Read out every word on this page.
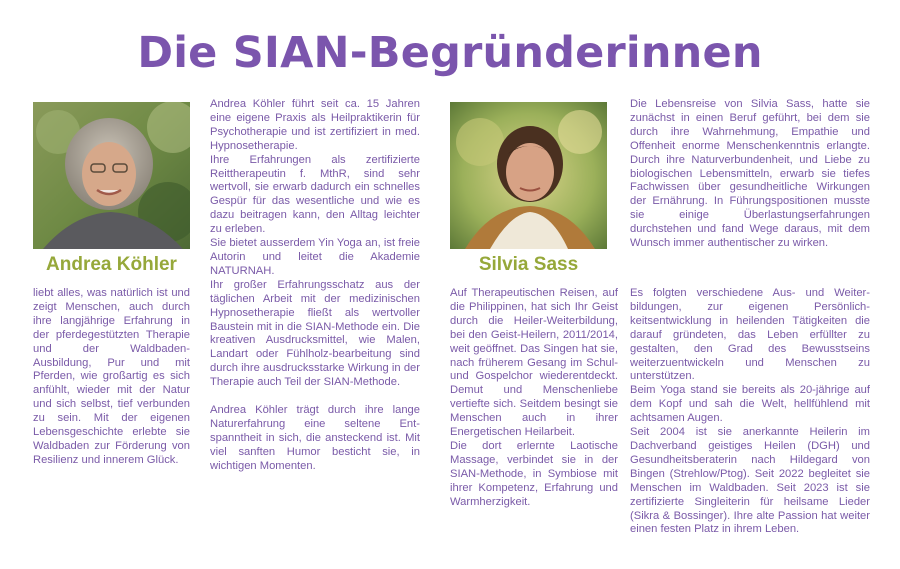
Die SIAN-Begründerinnen
Andrea Köhler	Silvia Sass

liebt alles, was natürlich ist und zeigt Menschen, auch durch ihre langjährige Erfahrung in der pferdegestützten Therapie und der Waldbaden-Ausbildung, Pur und mit Pferden, wie großartig es sich anfühlt, wieder mit der Natur und sich selbst, tief verbunden zu sein. Mit der eigenen Lebensgeschichte erlebte sie Waldbaden zur Förderung von Resilienz und innerem Glück.

Andrea Köhler führt seit ca. 15 Jahren eine eigene Praxis als Heilpraktikerin für Psychotherapie und ist zertifiziert in med. Hypnosetherapie.

Ihre Erfahrungen als zertifizierte Reittherapeutin f. MthR, sind sehr wertvoll, sie erwarb dadurch ein schnelles Gespür für das wesentliche und wie es dazu beitragen kann, den Alltag leichter zu erleben.

Sie bietet ausserdem Yin Yoga an, ist freie Autorin und leitet die Akademie NATURNAH.

Ihr großer Erfahrungsschatz aus der täglichen Arbeit mit der medizinischen Hypnosetherapie fließt als wertvoller Baustein mit in die SIAN-Methode ein. Die kreativen Ausdrucksmittel, wie Malen, Landart oder Fühlholz-bearbeitung sind durch ihre ausdrucksstarke Wirkung in der Therapie auch Teil der SIAN-Methode.

Andrea Köhler trägt durch ihre lange Naturerfahrung eine seltene Ent-spanntheit in sich, die ansteckend ist. Mit viel sanften Humor besticht sie, in wichtigen Momenten.

Auf Therapeutischen Reisen, auf die Philippinen, hat sich Ihr Geist durch die Heiler-Weiterbildung, bei den Geist-Heilern, 2011/2014, weit geöffnet. Das Singen hat sie, nach früherem Gesang im Schul- und Gospelchor wiederentdeckt. Demut und Menschenliebe vertiefte sich. Seitdem besingt sie Menschen auch in ihrer Energetischen Heilarbeit.

Die dort erlernte Laotische Massage, verbindet sie in der SIAN-Methode, in Symbiose mit ihrer Kompetenz, Erfahrung und Warmherzigkeit.

Die Lebensreise von Silvia Sass, hatte sie zunächst in einen Beruf geführt, bei dem sie durch ihre Wahrnehmung, Empathie und Offenheit enorme Menschenkenntnis erlangte. Durch ihre Naturverbundenheit, und Liebe zu biologischen Lebensmitteln, erwarb sie tiefes Fachwissen über gesundheitliche Wirkungen der Ernährung. In Führungspositionen musste sie einige Überlastungserfahrungen durchstehen und fand Wege daraus, mit dem Wunsch immer authentischer zu wirken.

Es folgten verschiedene Aus- und Weiter-bildungen, zur eigenen Persönlich-keitsentwicklung in heilenden Tätigkeiten die darauf gründeten, das Leben erfüllter zu gestalten, den Grad des Bewusstseins weiterzuentwickeln und Menschen zu unterstützen.

Beim Yoga stand sie bereits als 20-jährige auf dem Kopf und sah die Welt, hellfühlend mit achtsamen Augen.

Seit 2004 ist sie anerkannte Heilerin im Dachverband geistiges Heilen (DGH) und Gesundheitsberaterin nach Hildegard von Bingen (Strehlow/Ptog). Seit 2022 begleitet sie Menschen im Waldbaden. Seit 2023 ist sie zertifizierte Singleiterin für heilsame Lieder (Sikra & Bossinger). Ihre alte Passion hat weiter einen festen Platz in ihrem Leben.
